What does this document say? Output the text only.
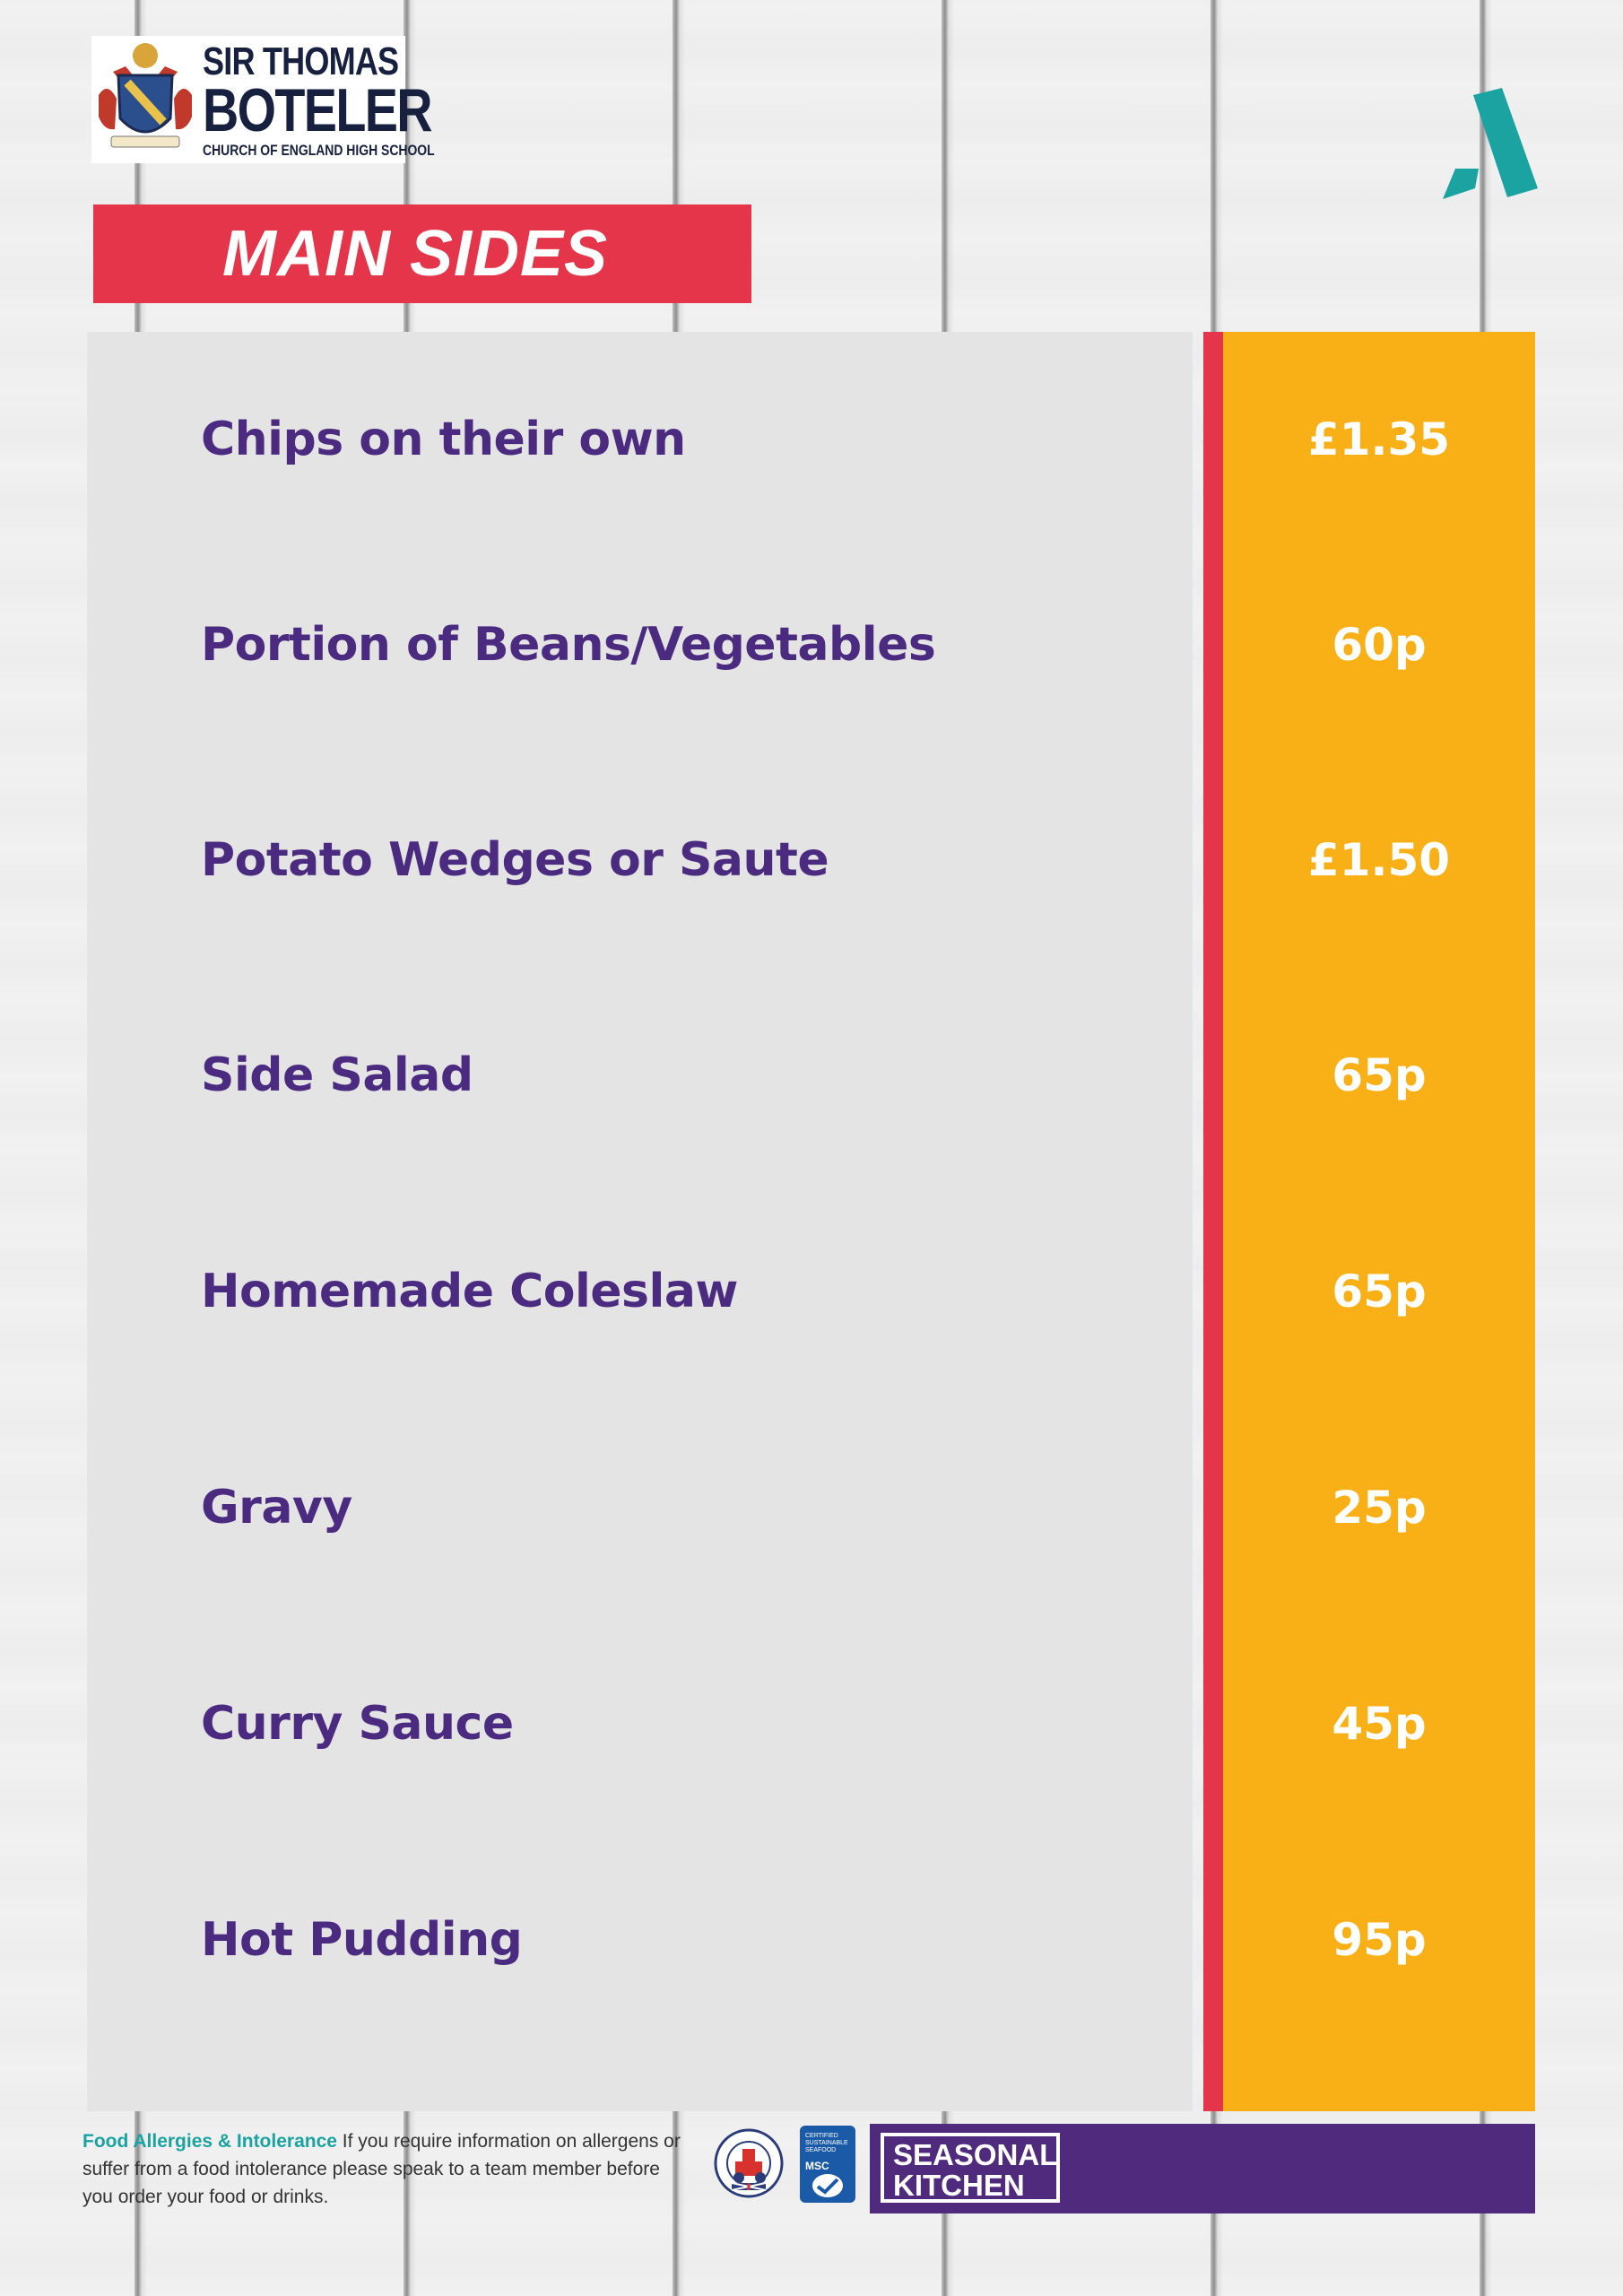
SIR THOMAS
BOTELER
CHURCH OF ENGLAND HIGH SCHOOL
MAIN SIDES
Chips on their own	£1.35
Portion of Beans/Vegetables	60p
Potato Wedges or Saute	£1.50
Side Salad	65p
Homemade Coleslaw	65p
Gravy	25p
Curry Sauce	45p
Hot Pudding	95p
Food Allergies & Intolerance If you require information on allergens or suffer from a food intolerance please speak to a team member before you order your food or drinks.
CERTIFIED SUSTAINABLE SEAFOOD
MSC SEASONAL
KITCHEN
